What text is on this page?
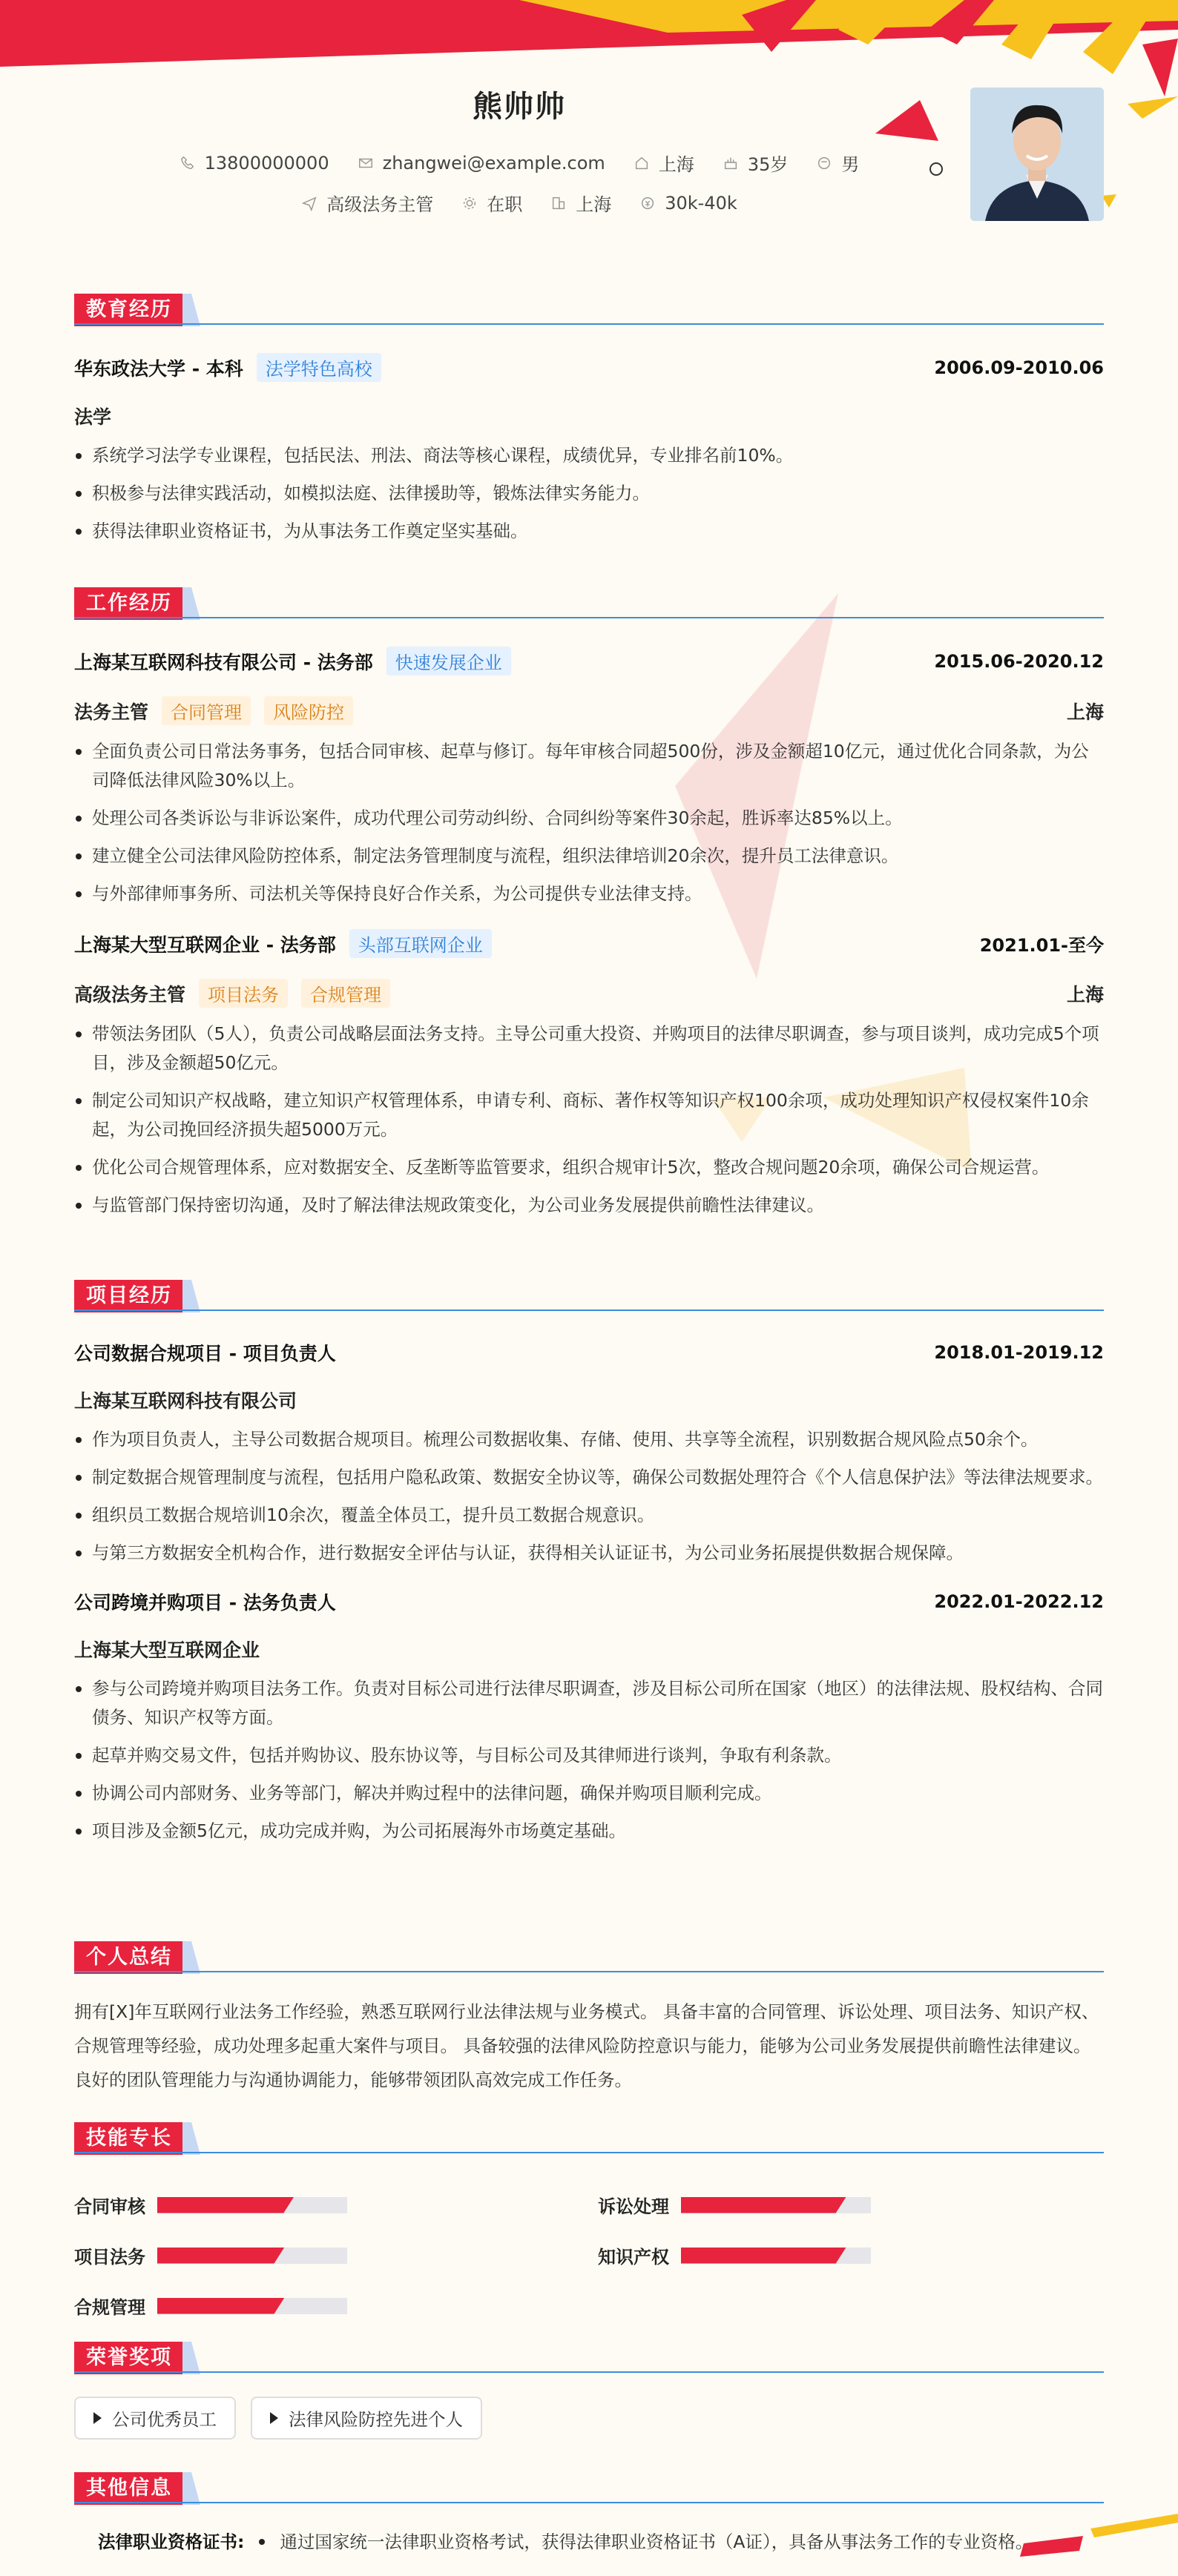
熊帅帅
13800000000	zhangwei@example.com	上海	35岁	男
高级法务主管	在职	上海	30k-40k
教育经历
华东政法大学 - 本科	法学特色高校	2006.09-2010.06
法学
系统学习法学专业课程，包括民法、刑法、商法等核心课程，成绩优异，专业排名前10%。
积极参与法律实践活动，如模拟法庭、法律援助等，锻炼法律实务能力。
获得法律职业资格证书，为从事法务工作奠定坚实基础。
工作经历
上海某互联网科技有限公司 - 法务部	快速发展企业	2015.06-2020.12
法务主管	合同管理	风险防控	上海
全面负责公司日常法务事务，包括合同审核、起草与修订。每年审核合同超500份，涉及金额超10亿元，通过优化合同条款，为公司降低法律风险30%以上。
处理公司各类诉讼与非诉讼案件，成功代理公司劳动纠纷、合同纠纷等案件30余起，胜诉率达85%以上。
建立健全公司法律风险防控体系，制定法务管理制度与流程，组织法律培训20余次，提升员工法律意识。
与外部律师事务所、司法机关等保持良好合作关系，为公司提供专业法律支持。
上海某大型互联网企业 - 法务部	头部互联网企业	2021.01-至今
高级法务主管	项目法务	合规管理	上海
带领法务团队（5人），负责公司战略层面法务支持。主导公司重大投资、并购项目的法律尽职调查，参与项目谈判，成功完成5个项目，涉及金额超50亿元。
制定公司知识产权战略，建立知识产权管理体系，申请专利、商标、著作权等知识产权100余项，成功处理知识产权侵权案件10余起，为公司挽回经济损失超5000万元。
优化公司合规管理体系，应对数据安全、反垄断等监管要求，组织合规审计5次，整改合规问题20余项，确保公司合规运营。
与监管部门保持密切沟通，及时了解法律法规政策变化，为公司业务发展提供前瞻性法律建议。
项目经历
公司数据合规项目 - 项目负责人	2018.01-2019.12
上海某互联网科技有限公司
作为项目负责人，主导公司数据合规项目。梳理公司数据收集、存储、使用、共享等全流程，识别数据合规风险点50余个。
制定数据合规管理制度与流程，包括用户隐私政策、数据安全协议等，确保公司数据处理符合《个人信息保护法》等法律法规要求。
组织员工数据合规培训10余次，覆盖全体员工，提升员工数据合规意识。
与第三方数据安全机构合作，进行数据安全评估与认证，获得相关认证证书，为公司业务拓展提供数据合规保障。
公司跨境并购项目 - 法务负责人	2022.01-2022.12
上海某大型互联网企业
参与公司跨境并购项目法务工作。负责对目标公司进行法律尽职调查，涉及目标公司所在国家（地区）的法律法规、股权结构、合同债务、知识产权等方面。
起草并购交易文件，包括并购协议、股东协议等，与目标公司及其律师进行谈判，争取有利条款。
协调公司内部财务、业务等部门，解决并购过程中的法律问题，确保并购项目顺利完成。
项目涉及金额5亿元，成功完成并购，为公司拓展海外市场奠定基础。
个人总结
拥有[X]年互联网行业法务工作经验，熟悉互联网行业法律法规与业务模式。 具备丰富的合同管理、诉讼处理、项目法务、知识产权、合规管理等经验，成功处理多起重大案件与项目。 具备较强的法律风险防控意识与能力，能够为公司业务发展提供前瞻性法律建议。 良好的团队管理能力与沟通协调能力，能够带领团队高效完成工作任务。
技能专长
合同审核	诉讼处理
项目法务	知识产权
合规管理
荣誉奖项
公司优秀员工	法律风险防控先进个人
其他信息
法律职业资格证书: 通过国家统一法律职业资格考试，获得法律职业资格证书（A证），具备从事法务工作的专业资格。
